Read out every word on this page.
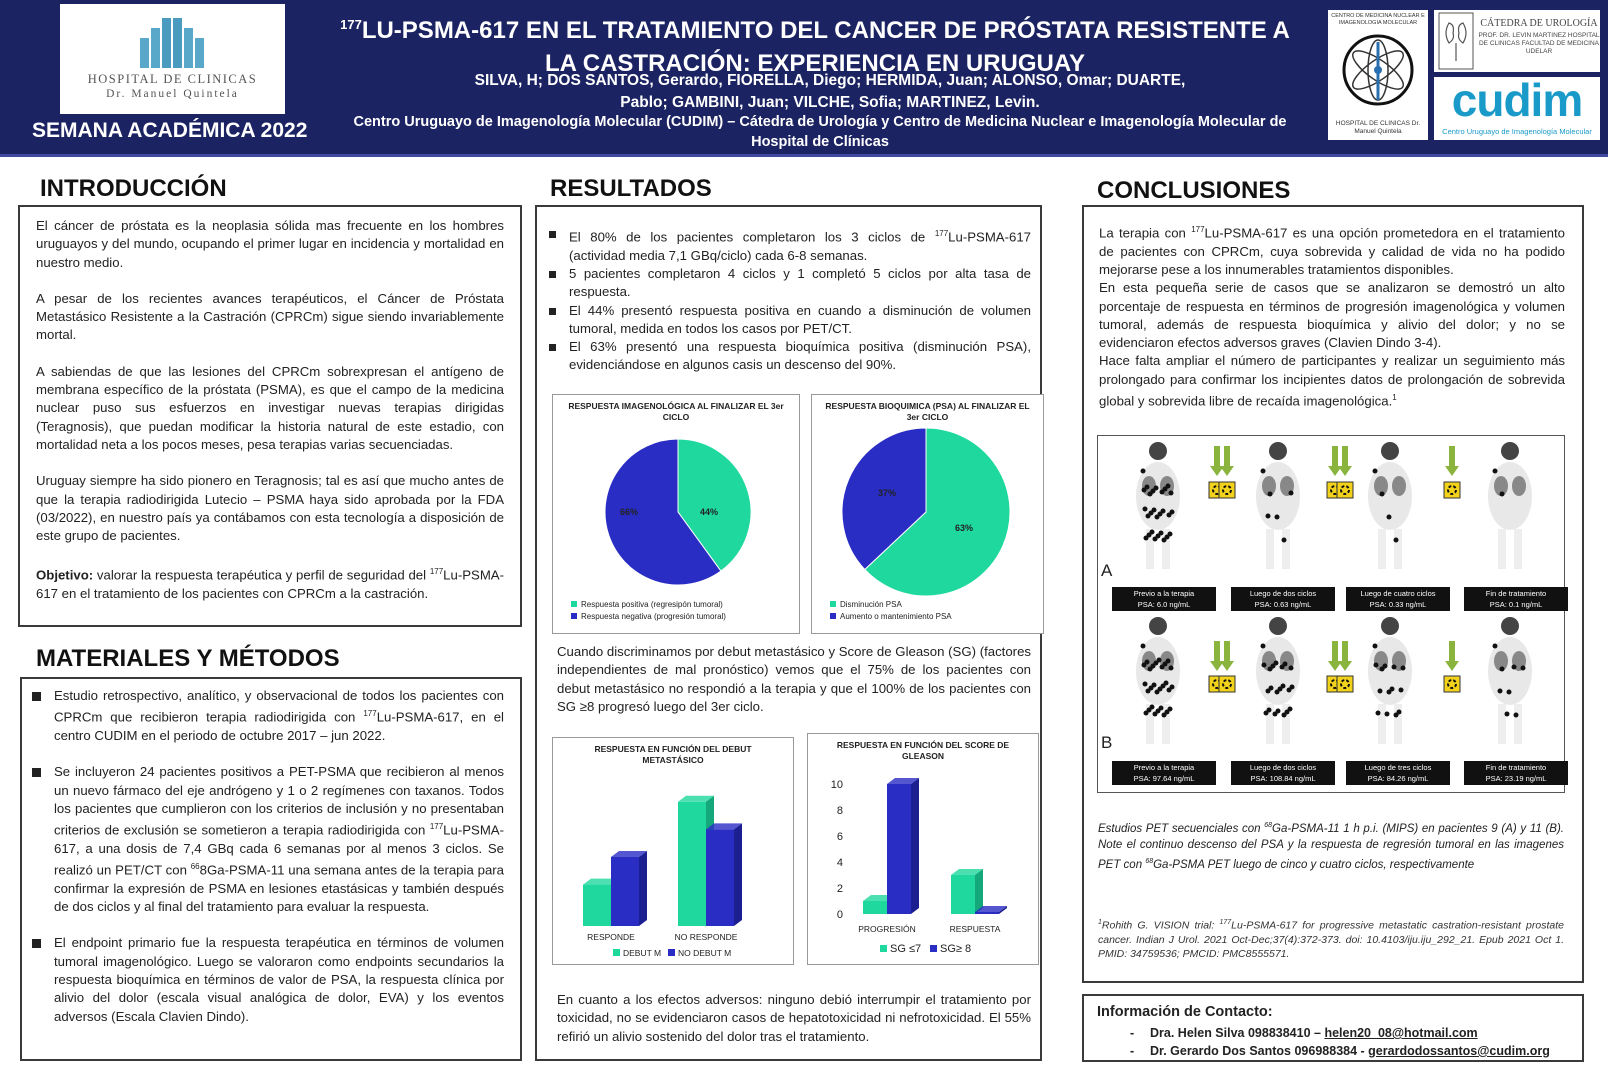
HOSPITAL DE CLINICAS
Dr. Manuel Quintela
SEMANA ACADÉMICA 2022
$^{177}$LU-PSMA-617 EN EL TRATAMIENTO DEL CANCER DE PRÓSTATA RESISTENTE A LA CASTRACIÓN: EXPERIENCIA EN URUGUAY
SILVA, H; DOS SANTOS, Gerardo, FIORELLA, Diego; HERMIDA, Juan; ALONSO, Omar; DUARTE,
Pablo; GAMBINI, Juan; VILCHE, Sofia; MARTINEZ, Levin.
Centro Uruguayo de Imagenología Molecular (CUDIM) – Cátedra de Urología y Centro de Medicina Nuclear e Imagenología Molecular de Hospital de Clínicas
CENTRO DE MEDICINA NUCLEAR E IMAGENOLOGIA MOLECULAR
HOSPITAL DE CLINICAS Dr. Manuel Quintela
CÁTEDRA DE UROLOGÍA
PROF. DR. LEVIN MARTINEZ HOSPITAL DE CLINICAS FACULTAD DE MEDICINA UDELAR
cudim
Centro Uruguayo de Imagenología Molecular
INTRODUCCIÓN

El cáncer de próstata es la neoplasia sólida mas frecuente en los hombres uruguayos y del mundo, ocupando el primer lugar en incidencia y mortalidad en nuestro medio.

A pesar de los recientes avances terapéuticos, el Cáncer de Próstata Metastásico Resistente a la Castración (CPRCm) sigue siendo invariablemente mortal.

A sabiendas de que las lesiones del CPRCm sobrexpresan el antígeno de membrana específico de la próstata (PSMA), es que el campo de la medicina nuclear puso sus esfuerzos en investigar nuevas terapias dirigidas (Teragnosis), que puedan modificar la historia natural de este estadio, con mortalidad neta a los pocos meses, pesa terapias varias secuenciadas.

Uruguay siempre ha sido pionero en Teragnosis; tal es así que mucho antes de que la terapia radiodirigida Lutecio – PSMA haya sido aprobada por la FDA (03/2022), en nuestro país ya contábamos con esta tecnología a disposición de este grupo de pacientes.

Objetivo: valorar la respuesta terapéutica y perfil de seguridad del $^{177}$Lu-PSMA-617 en el tratamiento de los pacientes con CPRCm a la castración.

MATERIALES Y MÉTODOS
Estudio retrospectivo, analítico, y observacional de todos los pacientes con CPRCm que recibieron terapia radiodirigida con $^{177}$Lu-PSMA-617, en el centro CUDIM en el periodo de octubre 2017 – jun 2022.
Se incluyeron 24 pacientes positivos a PET-PSMA que recibieron al menos un nuevo fármaco del eje andrógeno y 1 o 2 regímenes con taxanos. Todos los pacientes que cumplieron con los criterios de inclusión y no presentaban criterios de exclusión se sometieron a terapia radiodirigida con $^{177}$Lu-PSMA-617, a una dosis de 7,4 GBq cada 6 semanas por al menos 3 ciclos. Se realizó un PET/CT con $^{66}$8Ga-PSMA-11 una semana antes de la terapia para confirmar la expresión de PSMA en lesiones etastásicas y también después de dos ciclos y al final del tratamiento para evaluar la respuesta.
El endpoint primario fue la respuesta terapéutica en términos de volumen tumoral imagenológico. Luego se valoraron como endpoints secundarios la respuesta bioquímica en términos de valor de PSA, la respuesta clínica por alivio del dolor (escala visual analógica de dolor, EVA) y los eventos adversos (Escala Clavien Dindo).
RESULTADOS
El 80% de los pacientes completaron los 3 ciclos de $^{177}$Lu-PSMA-617 (actividad media 7,1 GBq/ciclo) cada 6-8 semanas.
5 pacientes completaron 4 ciclos y 1 completó 5 ciclos por alta tasa de respuesta.
El 44% presentó respuesta positiva en cuando a disminución de volumen tumoral, medida en todos los casos por PET/CT.
El 63% presentó una respuesta bioquímica positiva (disminución PSA), evidenciándose en algunos casis un descenso del 90%.
RESPUESTA IMAGENOLÓGICA AL FINALIZAR EL 3er CICLO
44%
66%
Respuesta positiva (regresipón tumoral)
Respuesta negativa (progresión tumoral)
RESPUESTA BIOQUIMICA (PSA) AL FINALIZAR EL 3er CICLO
63%
37%
Disminución PSA
Aumento o mantenimiento PSA
Cuando discriminamos por debut metastásico y Score de Gleason (SG) (factores independientes de mal pronóstico) vemos que el 75% de los pacientes con debut metastásico no respondió a la terapia y que el 100% de los pacientes con SG ≥8 progresó luego del 3er ciclo.
RESPUESTA EN FUNCIÓN DEL DEBUT METASTÁSICO
RESPONDE	NO RESPONDE
DEBUT M NO DEBUT M
RESPUESTA EN FUNCIÓN DEL SCORE DE GLEASON
0
2
4
6
8
10
PROGRESIÓN	RESPUESTA
SG ≤7 SG≥ 8
En cuanto a los efectos adversos: ninguno debió interrumpir el tratamiento por toxicidad, no se evidenciaron casos de hepatotoxicidad ni nefrotoxicidad. El 55% refirió un alivio sostenido del dolor tras el tratamiento.
CONCLUSIONES
La terapia con $^{177}$Lu-PSMA-617 es una opción prometedora en el tratamiento de pacientes con CPRCm, cuya sobrevida y calidad de vida no ha podido mejorarse pese a los innumerables tratamientos disponibles.
En esta pequeña serie de casos que se analizaron se demostró un alto porcentaje de respuesta en términos de progresión imagenológica y volumen tumoral, además de respuesta bioquímica y alivio del dolor; y no se evidenciaron efectos adversos graves (Clavien Dindo 3-4).
Hace falta ampliar el número de participantes y realizar un seguimiento más prolongado para confirmar los incipientes datos de prolongación de sobrevida global y sobrevida libre de recaída imagenológica.$^1$
A
B
Previo a la terapia
PSA: 6.0 ng/mL
Luego de dos ciclos
PSA: 0.63 ng/mL
Luego de cuatro ciclos
PSA: 0.33 ng/mL
Fin de tratamiento
PSA: 0.1 ng/mL
Previo a la terapia
PSA: 97.64 ng/mL
Luego de dos ciclos
PSA: 108.84 ng/mL
Luego de tres ciclos
PSA: 84.26 ng/mL
Fin de tratamiento
PSA: 23.19 ng/mL
Estudios PET secuenciales con $^{68}$Ga-PSMA-11 1 h p.i. (MIPS) en pacientes 9 (A) y 11 (B). Note el continuo descenso del PSA y la respuesta de regresión tumoral en las imagenes PET con $^{68}$Ga-PSMA PET luego de cinco y cuatro ciclos, respectivamente
$^1$Rohith G. VISION trial: $^{177}$Lu-PSMA-617 for progressive metastatic castration-resistant prostate cancer. Indian J Urol. 2021 Oct-Dec;37(4):372-373. doi: 10.4103/iju.iju_292_21. Epub 2021 Oct 1. PMID: 34759536; PMCID: PMC8555571.
Información de Contacto:
- Dra. Helen Silva 098838410 – helen20_08@hotmail.com
- Dr. Gerardo Dos Santos 096988384 - gerardodossantos@cudim.org
